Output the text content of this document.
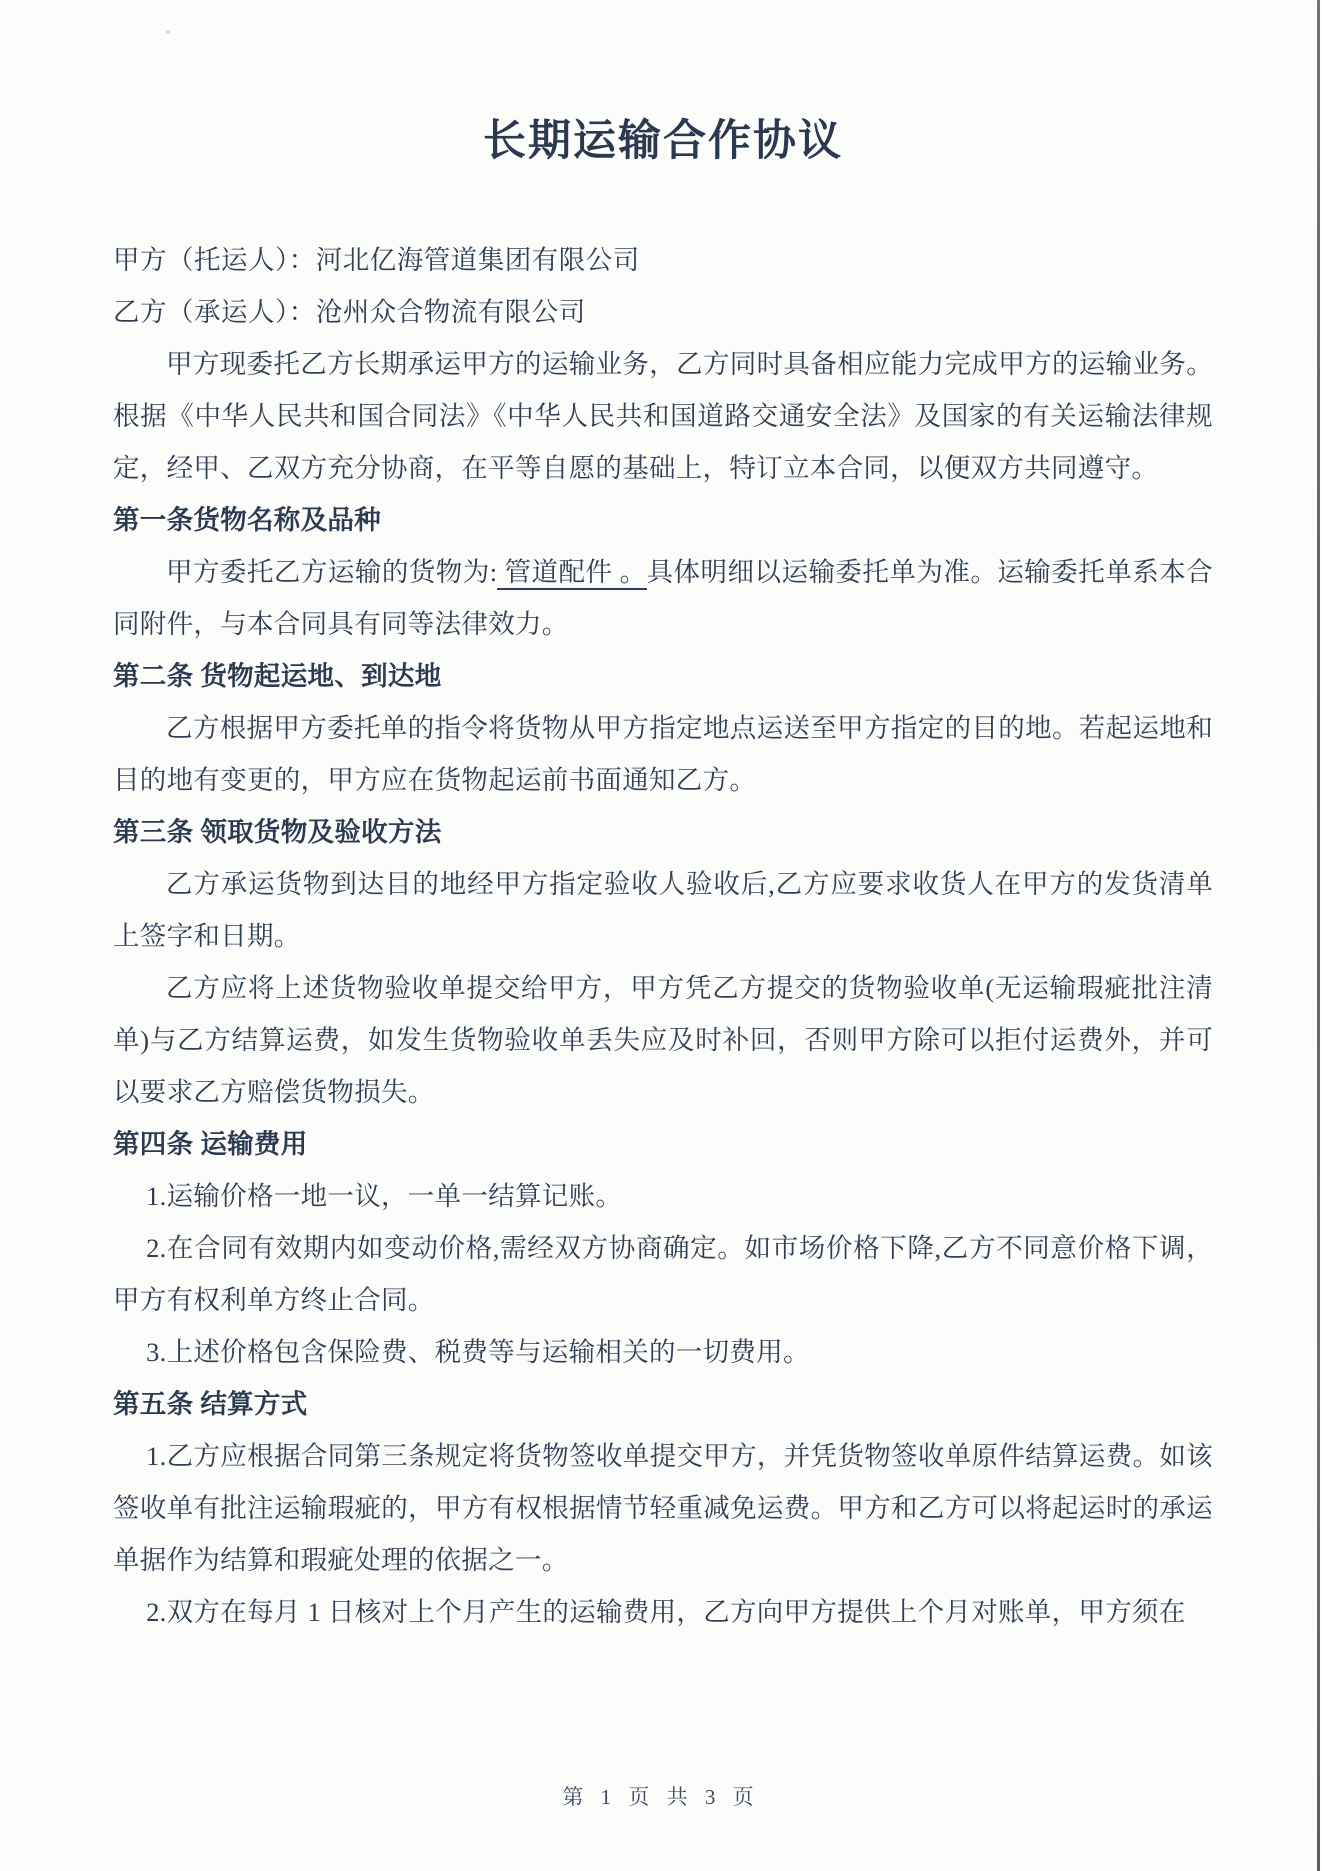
长期运输合作协议

甲方（托运人）：河北亿海管道集团有限公司

乙方（承运人）：沧州众合物流有限公司

甲方现委托乙方长期承运甲方的运输业务，乙方同时具备相应能力完成甲方的运输业务。根据《中华人民共和国合同法》《中华人民共和国道路交通安全法》及国家的有关运输法律规定，经甲、乙双方充分协商，在平等自愿的基础上，特订立本合同，以便双方共同遵守。

第一条货物名称及品种

甲方委托乙方运输的货物为: 管道配件 。具体明细以运输委托单为准。运输委托单系本合同附件，与本合同具有同等法律效力。

第二条 货物起运地、到达地

乙方根据甲方委托单的指令将货物从甲方指定地点运送至甲方指定的目的地。若起运地和目的地有变更的，甲方应在货物起运前书面通知乙方。

第三条 领取货物及验收方法

乙方承运货物到达目的地经甲方指定验收人验收后,乙方应要求收货人在甲方的发货清单上签字和日期。

乙方应将上述货物验收单提交给甲方，甲方凭乙方提交的货物验收单(无运输瑕疵批注清单)与乙方结算运费，如发生货物验收单丢失应及时补回，否则甲方除可以拒付运费外，并可以要求乙方赔偿货物损失。

第四条 运输费用

1.运输价格一地一议，一单一结算记账。

2.在合同有效期内如变动价格,需经双方协商确定。如市场价格下降,乙方不同意价格下调，甲方有权利单方终止合同。

3.上述价格包含保险费、税费等与运输相关的一切费用。

第五条 结算方式

1.乙方应根据合同第三条规定将货物签收单提交甲方，并凭货物签收单原件结算运费。如该签收单有批注运输瑕疵的，甲方有权根据情节轻重减免运费。甲方和乙方可以将起运时的承运单据作为结算和瑕疵处理的依据之一。

2.双方在每月 1 日核对上个月产生的运输费用，乙方向甲方提供上个月对账单，甲方须在

第 1 页 共 3 页
